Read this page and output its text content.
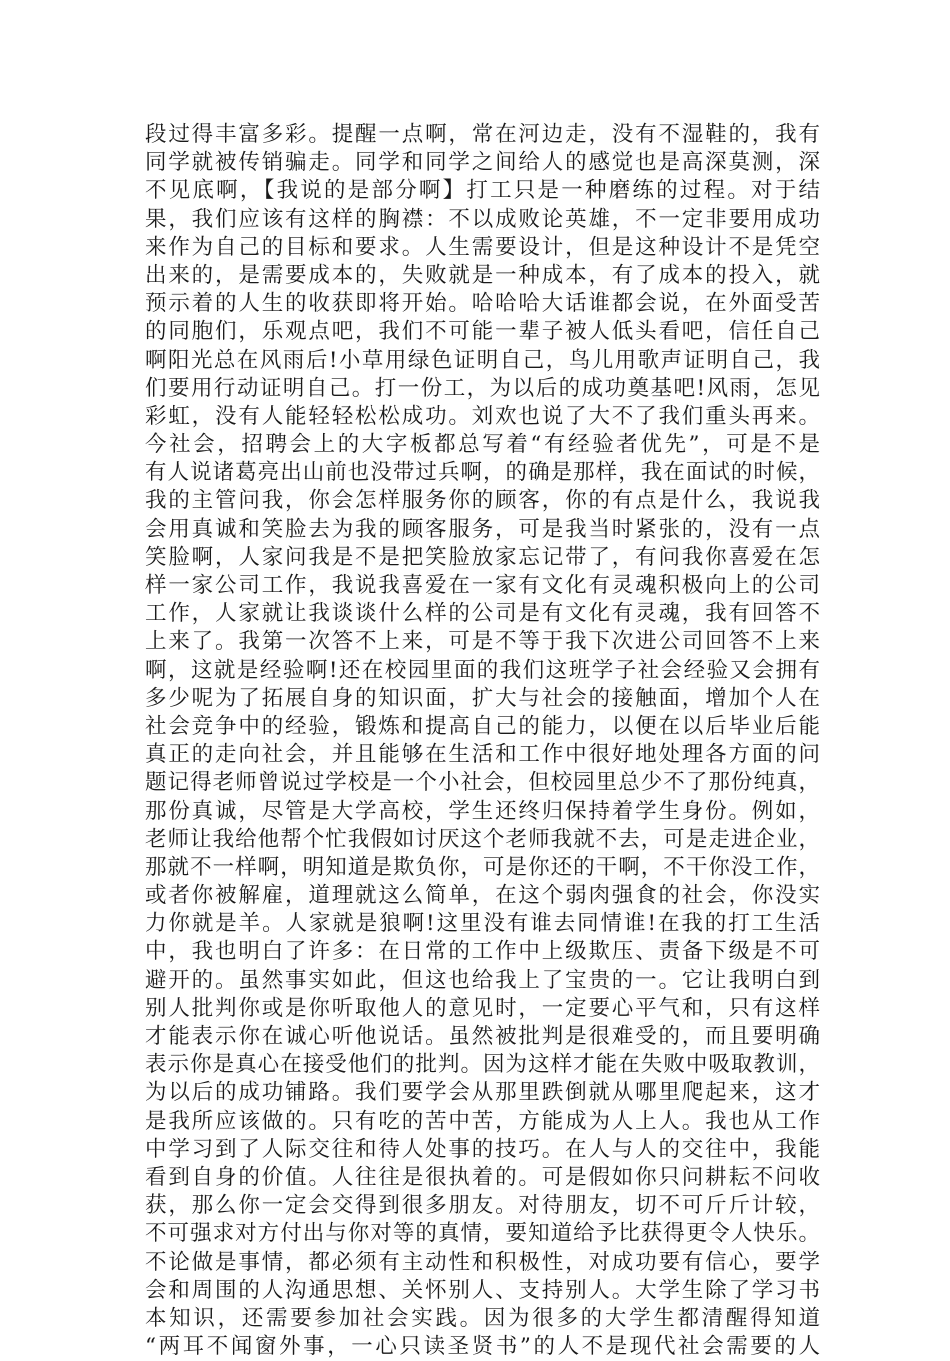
段过得丰富多彩。提醒一点啊，常在河边走，没有不湿鞋的，我有
同学就被传销骗走。同学和同学之间给人的感觉也是高深莫测，深
不见底啊，【我说的是部分啊】打工只是一种磨练的过程。对于结
果，我们应该有这样的胸襟：不以成败论英雄，不一定非要用成功
来作为自己的目标和要求。人生需要设计，但是这种设计不是凭空
出来的，是需要成本的，失败就是一种成本，有了成本的投入，就
预示着的人生的收获即将开始。哈哈哈大话谁都会说，在外面受苦
的同胞们，乐观点吧，我们不可能一辈子被人低头看吧，信任自己
啊阳光总在风雨后!小草用绿色证明自己，鸟儿用歌声证明自己，我
们要用行动证明自己。打一份工，为以后的成功奠基吧!风雨，怎见
彩虹，没有人能轻轻松松成功。刘欢也说了大不了我们重头再来。
今社会，招聘会上的大字板都总写着“有经验者优先”，可是不是
有人说诸葛亮出山前也没带过兵啊，的确是那样，我在面试的时候，
我的主管问我，你会怎样服务你的顾客，你的有点是什么，我说我
会用真诚和笑脸去为我的顾客服务，可是我当时紧张的，没有一点
笑脸啊，人家问我是不是把笑脸放家忘记带了，有问我你喜爱在怎
样一家公司工作，我说我喜爱在一家有文化有灵魂积极向上的公司
工作，人家就让我谈谈什么样的公司是有文化有灵魂，我有回答不
上来了。我第一次答不上来，可是不等于我下次进公司回答不上来
啊，这就是经验啊!还在校园里面的我们这班学子社会经验又会拥有
多少呢为了拓展自身的知识面，扩大与社会的接触面，增加个人在
社会竞争中的经验，锻炼和提高自己的能力，以便在以后毕业后能
真正的走向社会，并且能够在生活和工作中很好地处理各方面的问
题记得老师曾说过学校是一个小社会，但校园里总少不了那份纯真，
那份真诚，尽管是大学高校，学生还终归保持着学生身份。例如，
老师让我给他帮个忙我假如讨厌这个老师我就不去，可是走进企业，
那就不一样啊，明知道是欺负你，可是你还的干啊，不干你没工作，
或者你被解雇，道理就这么简单，在这个弱肉强食的社会，你没实
力你就是羊。人家就是狼啊!这里没有谁去同情谁!在我的打工生活
中，我也明白了许多：在日常的工作中上级欺压、责备下级是不可
避开的。虽然事实如此，但这也给我上了宝贵的一。它让我明白到
别人批判你或是你听取他人的意见时，一定要心平气和，只有这样
才能表示你在诚心听他说话。虽然被批判是很难受的，而且要明确
表示你是真心在接受他们的批判。因为这样才能在失败中吸取教训，
为以后的成功铺路。我们要学会从那里跌倒就从哪里爬起来，这才
是我所应该做的。只有吃的苦中苦，方能成为人上人。我也从工作
中学习到了人际交往和待人处事的技巧。在人与人的交往中，我能
看到自身的价值。人往往是很执着的。可是假如你只问耕耘不问收
获，那么你一定会交得到很多朋友。对待朋友，切不可斤斤计较，
不可强求对方付出与你对等的真情，要知道给予比获得更令人快乐。
不论做是事情，都必须有主动性和积极性，对成功要有信心，要学
会和周围的人沟通思想、关怀别人、支持别人。大学生除了学习书
本知识，还需要参加社会实践。因为很多的大学生都清醒得知道
“两耳不闻窗外事，一心只读圣贤书”的人不是现代社会需要的人
